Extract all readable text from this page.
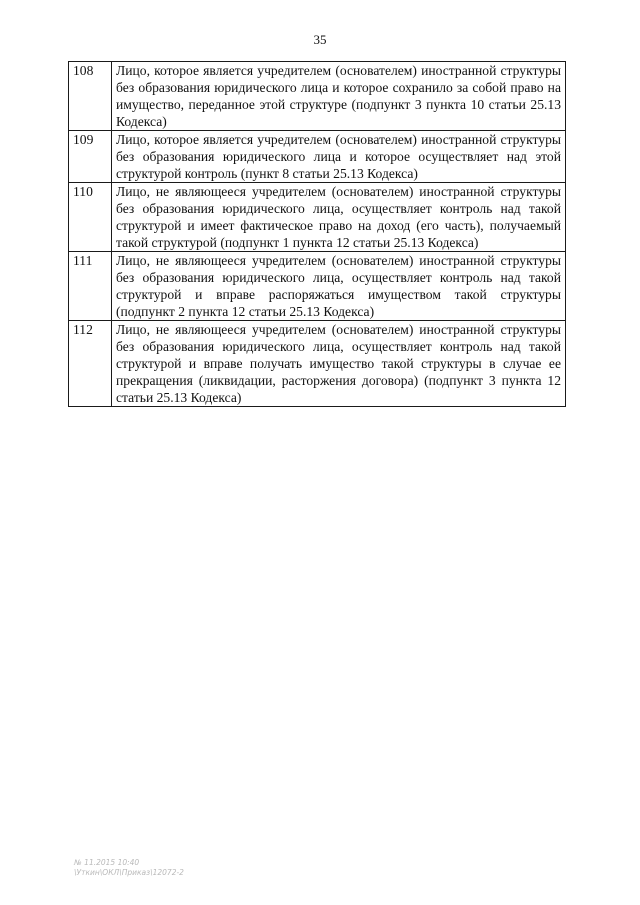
35
108	Лицо, которое является учредителем (основателем) иностранной структуры без образования юридического лица и которое сохранило за собой право на имущество, переданное этой структуре (подпункт 3 пункта 10 статьи 25.13 Кодекса)
109	Лицо, которое является учредителем (основателем) иностранной структуры без образования юридического лица и которое осуществляет над этой структурой контроль (пункт 8 статьи 25.13 Кодекса)
110	Лицо, не являющееся учредителем (основателем) иностранной структуры без образования юридического лица, осуществляет контроль над такой структурой и имеет фактическое право на доход (его часть), получаемый такой структурой (подпункт 1 пункта 12 статьи 25.13 Кодекса)
111	Лицо, не являющееся учредителем (основателем) иностранной структуры без образования юридического лица, осуществляет контроль над такой структурой и вправе распоряжаться имуществом такой структуры (подпункт 2 пункта 12 статьи 25.13 Кодекса)
112	Лицо, не являющееся учредителем (основателем) иностранной структуры без образования юридического лица, осуществляет контроль над такой структурой и вправе получать имущество такой структуры в случае ее прекращения (ликвидации, расторжения договора) (подпункт 3 пункта 12 статьи 25.13 Кодекса)
№ 11.2015 10:40
\Уткин\ОКЛ\Приказ\12072-2
